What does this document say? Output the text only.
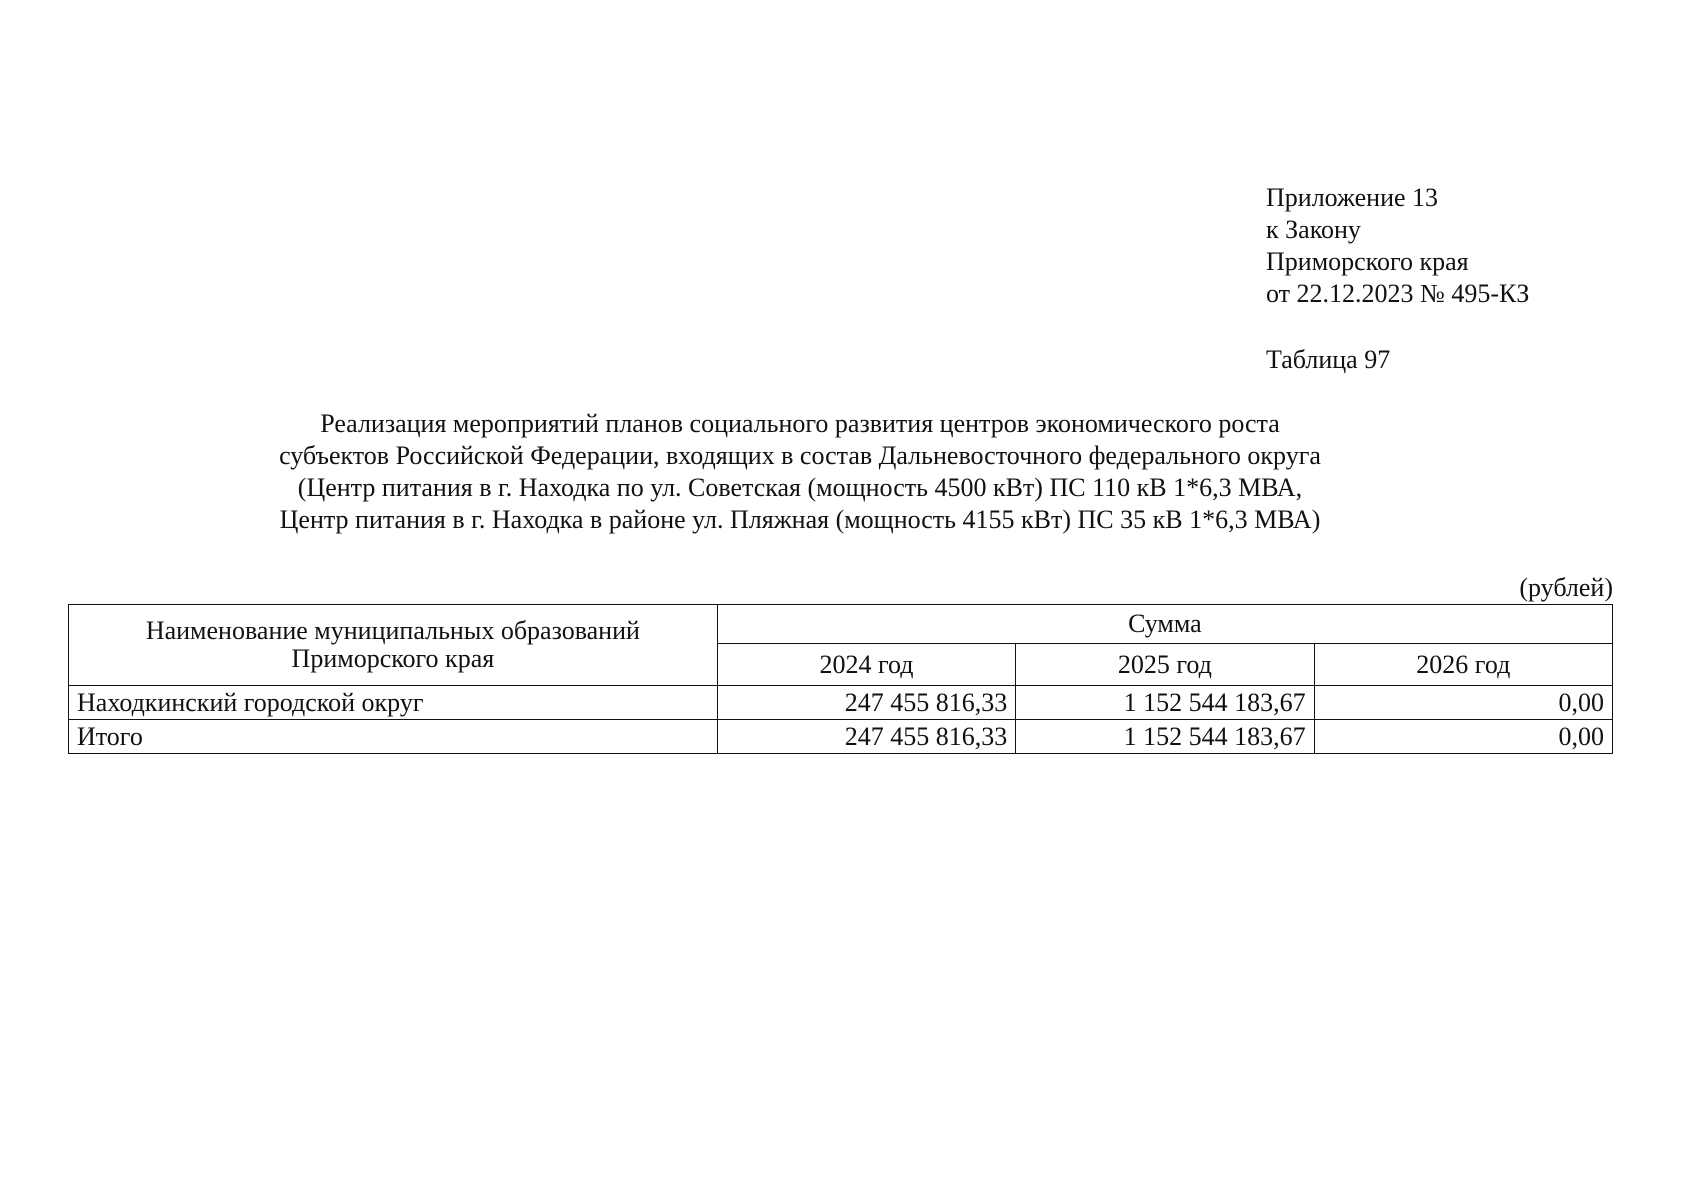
Приложение 13
к Закону
Приморского края
от 22.12.2023 № 495-КЗ
Таблица 97
Реализация мероприятий планов социального развития центров экономического роста
субъектов Российской Федерации, входящих в состав Дальневосточного федерального округа
(Центр питания в г. Находка по ул. Советская (мощность 4500 кВт) ПС 110 кВ 1*6,3 МВА,
Центр питания в г. Находка в районе ул. Пляжная (мощность 4155 кВт) ПС 35 кВ 1*6,3 МВА)
(рублей)
Наименование муниципальных образований
Приморского края	Сумма		
	2024 год	2025 год	2026 год
Находкинский городской округ	247 455 816,33	1 152 544 183,67	0,00
Итого	247 455 816,33	1 152 544 183,67	0,00
